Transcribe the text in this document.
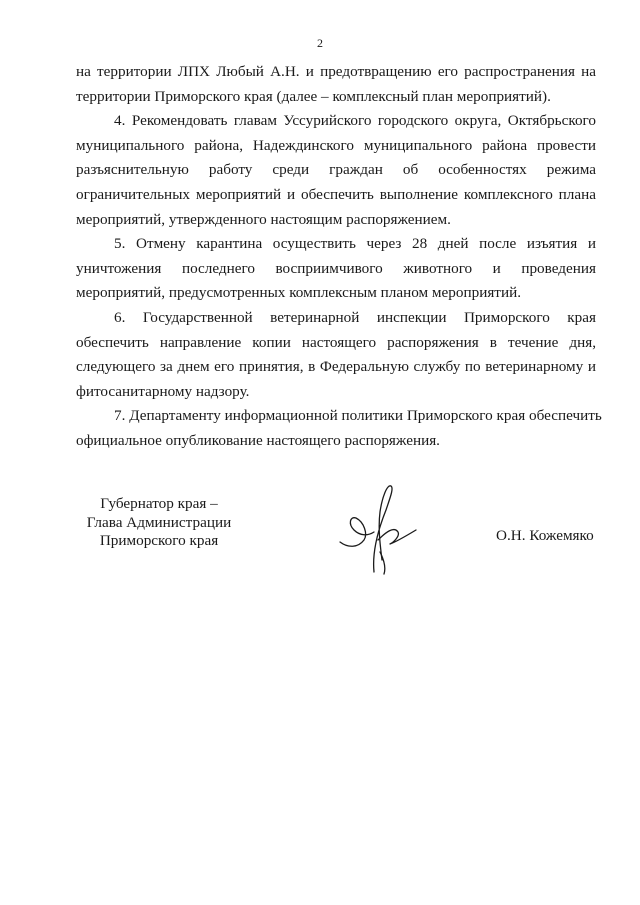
2
на территории ЛПХ Любый А.Н. и предотвращению его распространения на
территории Приморского края (далее – комплексный план мероприятий).
4. Рекомендовать главам Уссурийского городского округа, Октябрьского
муниципального района, Надеждинского муниципального района провести
разъяснительную работу среди граждан об особенностях режима
ограничительных мероприятий и обеспечить выполнение комплексного плана
мероприятий, утвержденного настоящим распоряжением.
5. Отмену карантина осуществить через 28 дней после изъятия и
уничтожения последнего восприимчивого животного и проведения
мероприятий, предусмотренных комплексным планом мероприятий.
6. Государственной ветеринарной инспекции Приморского края
обеспечить направление копии настоящего распоряжения в течение дня,
следующего за днем его принятия, в Федеральную службу по ветеринарному и
фитосанитарному надзору.
7. Департаменту информационной политики Приморского края обеспечить
официальное опубликование настоящего распоряжения.
Губернатор края –
Глава Администрации
Приморского края	О.Н. Кожемяко
